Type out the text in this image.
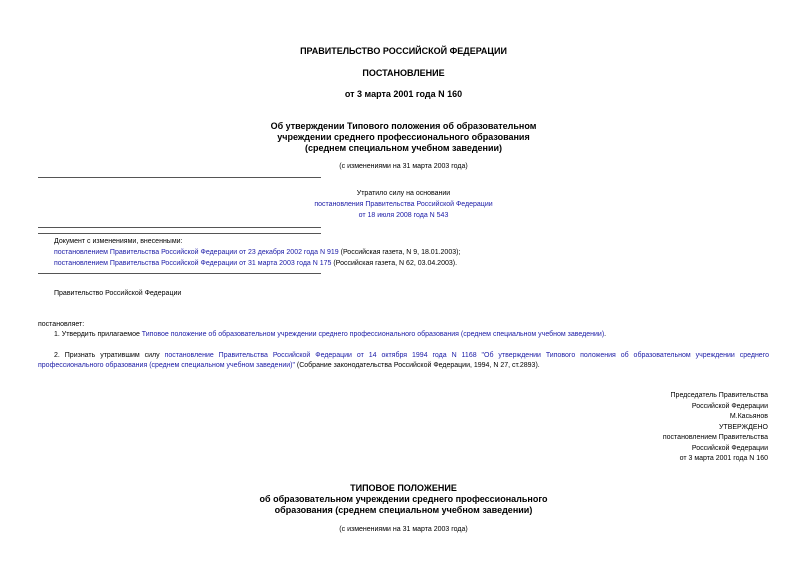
ПРАВИТЕЛЬСТВО РОССИЙСКОЙ ФЕДЕРАЦИИ
ПОСТАНОВЛЕНИЕ
от 3 марта 2001 года N 160
Об утверждении Типового положения об образовательном
учреждении среднего профессионального образования
(среднем специальном учебном заведении)
(с изменениями на 31 марта 2003 года)
Утратило силу на основании
постановления Правительства Российской Федерации
от 18 июля 2008 года N 543
Документ с изменениями, внесенными:
постановлением Правительства Российской Федерации от 23 декабря 2002 года N 919 (Российская газета, N 9, 18.01.2003);
постановлением Правительства Российской Федерации от 31 марта 2003 года N 175 (Российская газета, N 62, 03.04.2003).
Правительство Российской Федерации
постановляет:
1. Утвердить прилагаемое Типовое положение об образовательном учреждении среднего профессионального образования (среднем специальном учебном заведении).
2. Признать утратившим силу постановление Правительства Российской Федерации от 14 октября 1994 года N 1168 "Об утверждении Типового положения об образовательном учреждении среднего профессионального образования (среднем специальном учебном заведении)" (Собрание законодательства Российской Федерации, 1994, N 27, ст.2893).
Председатель Правительства
Российской Федерации
М.Касьянов
УТВЕРЖДЕНО
постановлением Правительства
Российской Федерации
от 3 марта 2001 года N 160
ТИПОВОЕ ПОЛОЖЕНИЕ
об образовательном учреждении среднего профессионального
образования (среднем специальном учебном заведении)
(с изменениями на 31 марта 2003 года)
